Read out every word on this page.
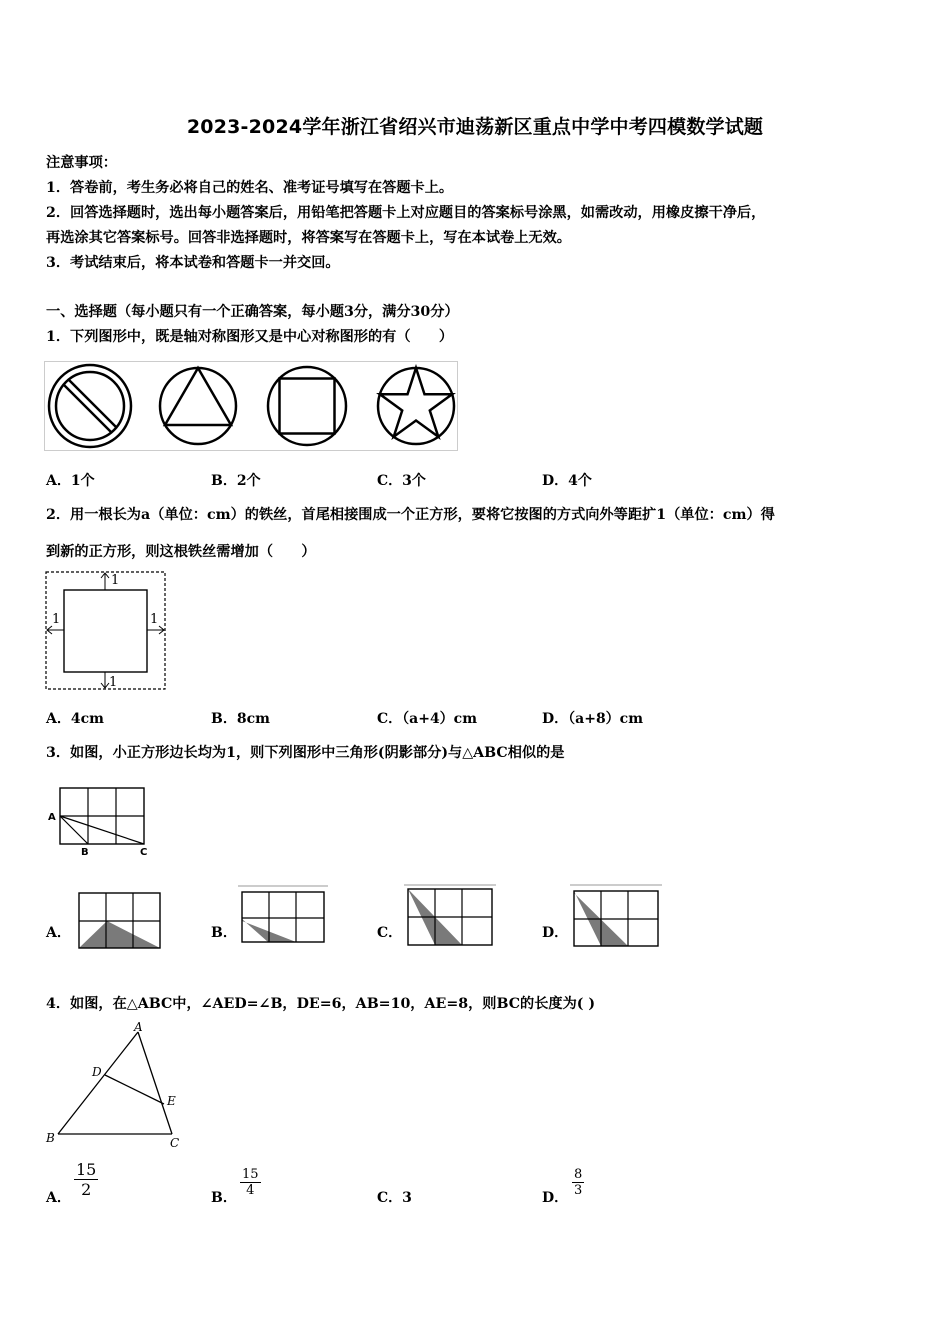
2023-2024学年浙江省绍兴市迪荡新区重点中学中考四模数学试题
注意事项：
1．答卷前，考生务必将自己的姓名、准考证号填写在答题卡上。
2．回答选择题时，选出每小题答案后，用铅笔把答题卡上对应题目的答案标号涂黑，如需改动，用橡皮擦干净后，
再选涂其它答案标号。回答非选择题时，将答案写在答题卡上，写在本试卷上无效。
3．考试结束后，将本试卷和答题卡一并交回。
一、选择题（每小题只有一个正确答案，每小题3分，满分30分）
1．下列图形中，既是轴对称图形又是中心对称图形的有（　　）
A．1个	B．2个	C．3个	D．4个
2．用一根长为a（单位：cm）的铁丝，首尾相接围成一个正方形，要将它按图的方式向外等距扩1（单位：cm）得
到新的正方形，则这根铁丝需增加（　　）
1
1	1
1
A．4cm	B．8cm	C．（a+4）cm	D．（a+8）cm
3．如图，小正方形边长均为1，则下列图形中三角形(阴影部分)与△ABC相似的是
A
B	C
A．	B．	C．	D．
4．如图，在△ABC中，∠AED=∠B，DE=6，AB=10，AE=8，则BC的长度为( )
A
D
E
B	C
A． $\frac{15}{2}$	B． $\frac{15}{4}$	C．3	D． $\frac{8}{3}$
